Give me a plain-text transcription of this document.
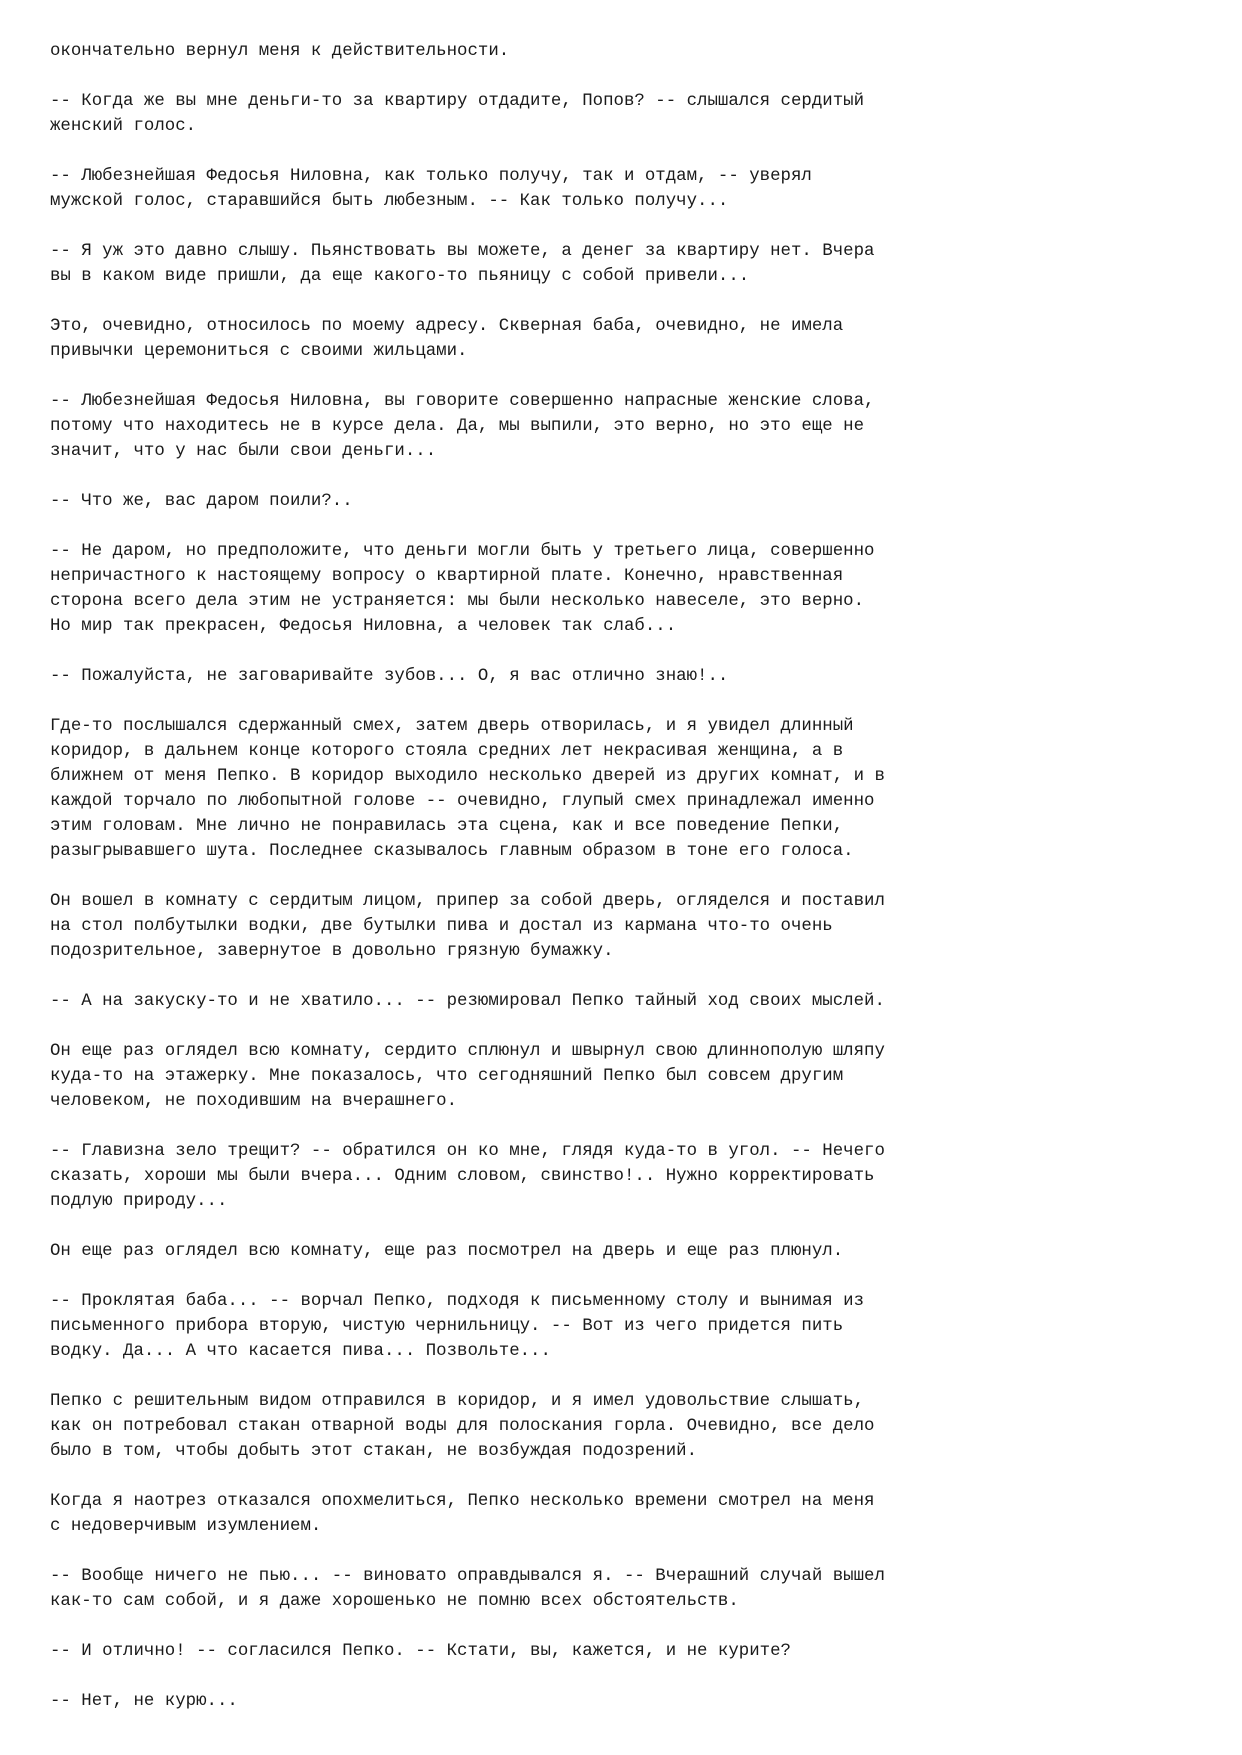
окончательно вернул меня к действительности.
-- Когда же вы мне деньги-то за квартиру отдадите, Попов? -- слышался сердитый
женский голос.
-- Любезнейшая Федосья Ниловна, как только получу, так и отдам, -- уверял
мужской голос, старавшийся быть любезным. -- Как только получу...
-- Я уж это давно слышу. Пьянствовать вы можете, а денег за квартиру нет. Вчера
вы в каком виде пришли, да еще какого-то пьяницу с собой привели...
Это, очевидно, относилось по моему адресу. Скверная баба, очевидно, не имела
привычки церемониться с своими жильцами.
-- Любезнейшая Федосья Ниловна, вы говорите совершенно напрасные женские слова,
потому что находитесь не в курсе дела. Да, мы выпили, это верно, но это еще не
значит, что у нас были свои деньги...
-- Что же, вас даром поили?..
-- Не даром, но предположите, что деньги могли быть у третьего лица, совершенно
непричастного к настоящему вопросу о квартирной плате. Конечно, нравственная
сторона всего дела этим не устраняется: мы были несколько навеселе, это верно.
Но мир так прекрасен, Федосья Ниловна, а человек так слаб...
-- Пожалуйста, не заговаривайте зубов... О, я вас отлично знаю!..
Где-то послышался сдержанный смех, затем дверь отворилась, и я увидел длинный
коридор, в дальнем конце которого стояла средних лет некрасивая женщина, а в
ближнем от меня Пепко. В коридор выходило несколько дверей из других комнат, и в
каждой торчало по любопытной голове -- очевидно, глупый смех принадлежал именно
этим головам. Мне лично не понравилась эта сцена, как и все поведение Пепки,
разыгрывавшего шута. Последнее сказывалось главным образом в тоне его голоса.
Он вошел в комнату с сердитым лицом, припер за собой дверь, огляделся и поставил
на стол полбутылки водки, две бутылки пива и достал из кармана что-то очень
подозрительное, завернутое в довольно грязную бумажку.
-- А на закуску-то и не хватило... -- резюмировал Пепко тайный ход своих мыслей.
Он еще раз оглядел всю комнату, сердито сплюнул и швырнул свою длиннополую шляпу
куда-то на этажерку. Мне показалось, что сегодняшний Пепко был совсем другим
человеком, не походившим на вчерашнего.
-- Главизна зело трещит? -- обратился он ко мне, глядя куда-то в угол. -- Нечего
сказать, хороши мы были вчера... Одним словом, свинство!.. Нужно корректировать
подлую природу...
Он еще раз оглядел всю комнату, еще раз посмотрел на дверь и еще раз плюнул.
-- Проклятая баба... -- ворчал Пепко, подходя к письменному столу и вынимая из
письменного прибора вторую, чистую чернильницу. -- Вот из чего придется пить
водку. Да... А что касается пива... Позвольте...
Пепко с решительным видом отправился в коридор, и я имел удовольствие слышать,
как он потребовал стакан отварной воды для полоскания горла. Очевидно, все дело
было в том, чтобы добыть этот стакан, не возбуждая подозрений.
Когда я наотрез отказался опохмелиться, Пепко несколько времени смотрел на меня
с недоверчивым изумлением.
-- Вообще ничего не пью... -- виновато оправдывался я. -- Вчерашний случай вышел
как-то сам собой, и я даже хорошенько не помню всех обстоятельств.
-- И отлично! -- согласился Пепко. -- Кстати, вы, кажется, и не курите?
-- Нет, не курю...
